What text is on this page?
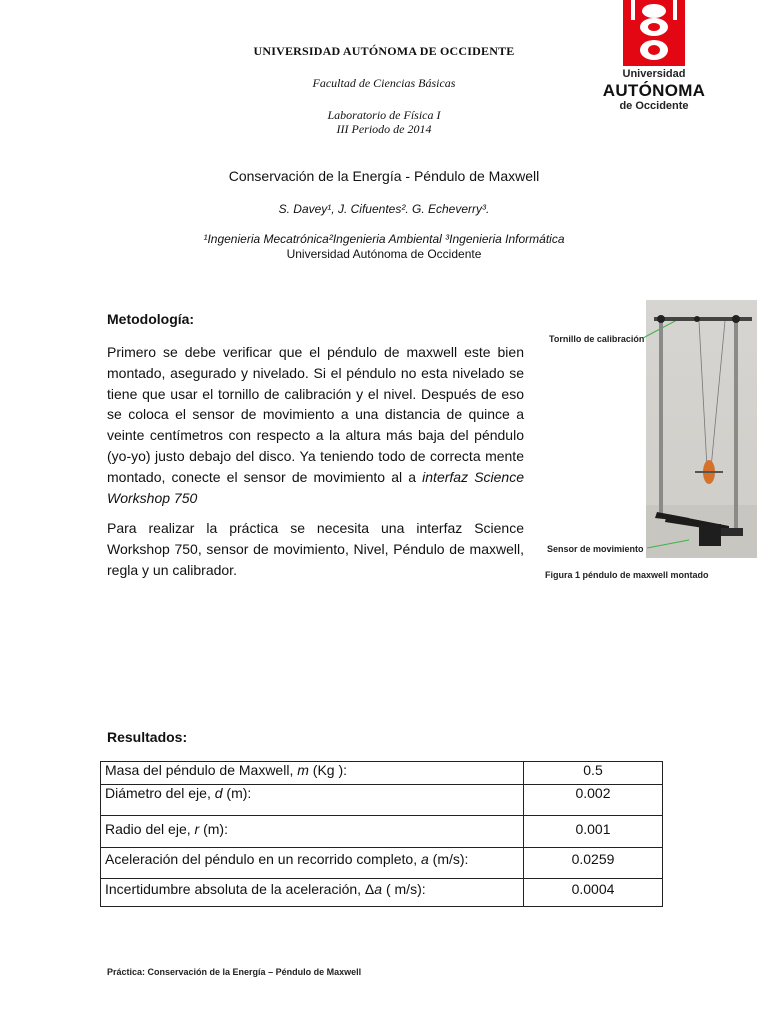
UNIVERSIDAD AUTÓNOMA DE OCCIDENTE
Facultad de Ciencias Básicas
Laboratorio de Física I
III Periodo de 2014
Universidad
AUTÓNOMA
de Occidente
Conservación de la Energía - Péndulo de Maxwell
S. Davey¹, J. Cifuentes². G. Echeverry³.
¹Ingenieria Mecatrónica²Ingenieria Ambiental ³Ingenieria Informática
Universidad Autónoma de Occidente
Metodología:
Primero se debe verificar que el péndulo de maxwell este bien montado, asegurado y nivelado. Si el péndulo no esta nivelado se tiene que usar el tornillo de calibración y el nivel. Después de eso se coloca el sensor de movimiento a una distancia de quince a veinte centímetros con respecto a la altura más baja del péndulo (yo-yo) justo debajo del disco. Ya teniendo todo de correcta mente montado, conecte el sensor de movimiento al a interfaz Science Workshop 750
Para realizar la práctica se necesita una interfaz Science Workshop 750, sensor de movimiento, Nivel, Péndulo de maxwell, regla y un calibrador.
Tornillo de calibración
Sensor de movimiento
Figura 1 péndulo de maxwell montado
Resultados:
Masa del péndulo de Maxwell, m (Kg ):	0.5
Diámetro del eje, d (m):	0.002
Radio del eje, r (m):	0.001
Aceleración del péndulo en un recorrido completo, a (m/s):	0.0259
Incertidumbre absoluta de la aceleración, Δa ( m/s):	0.0004
Práctica: Conservación de la Energía – Péndulo de Maxwell
